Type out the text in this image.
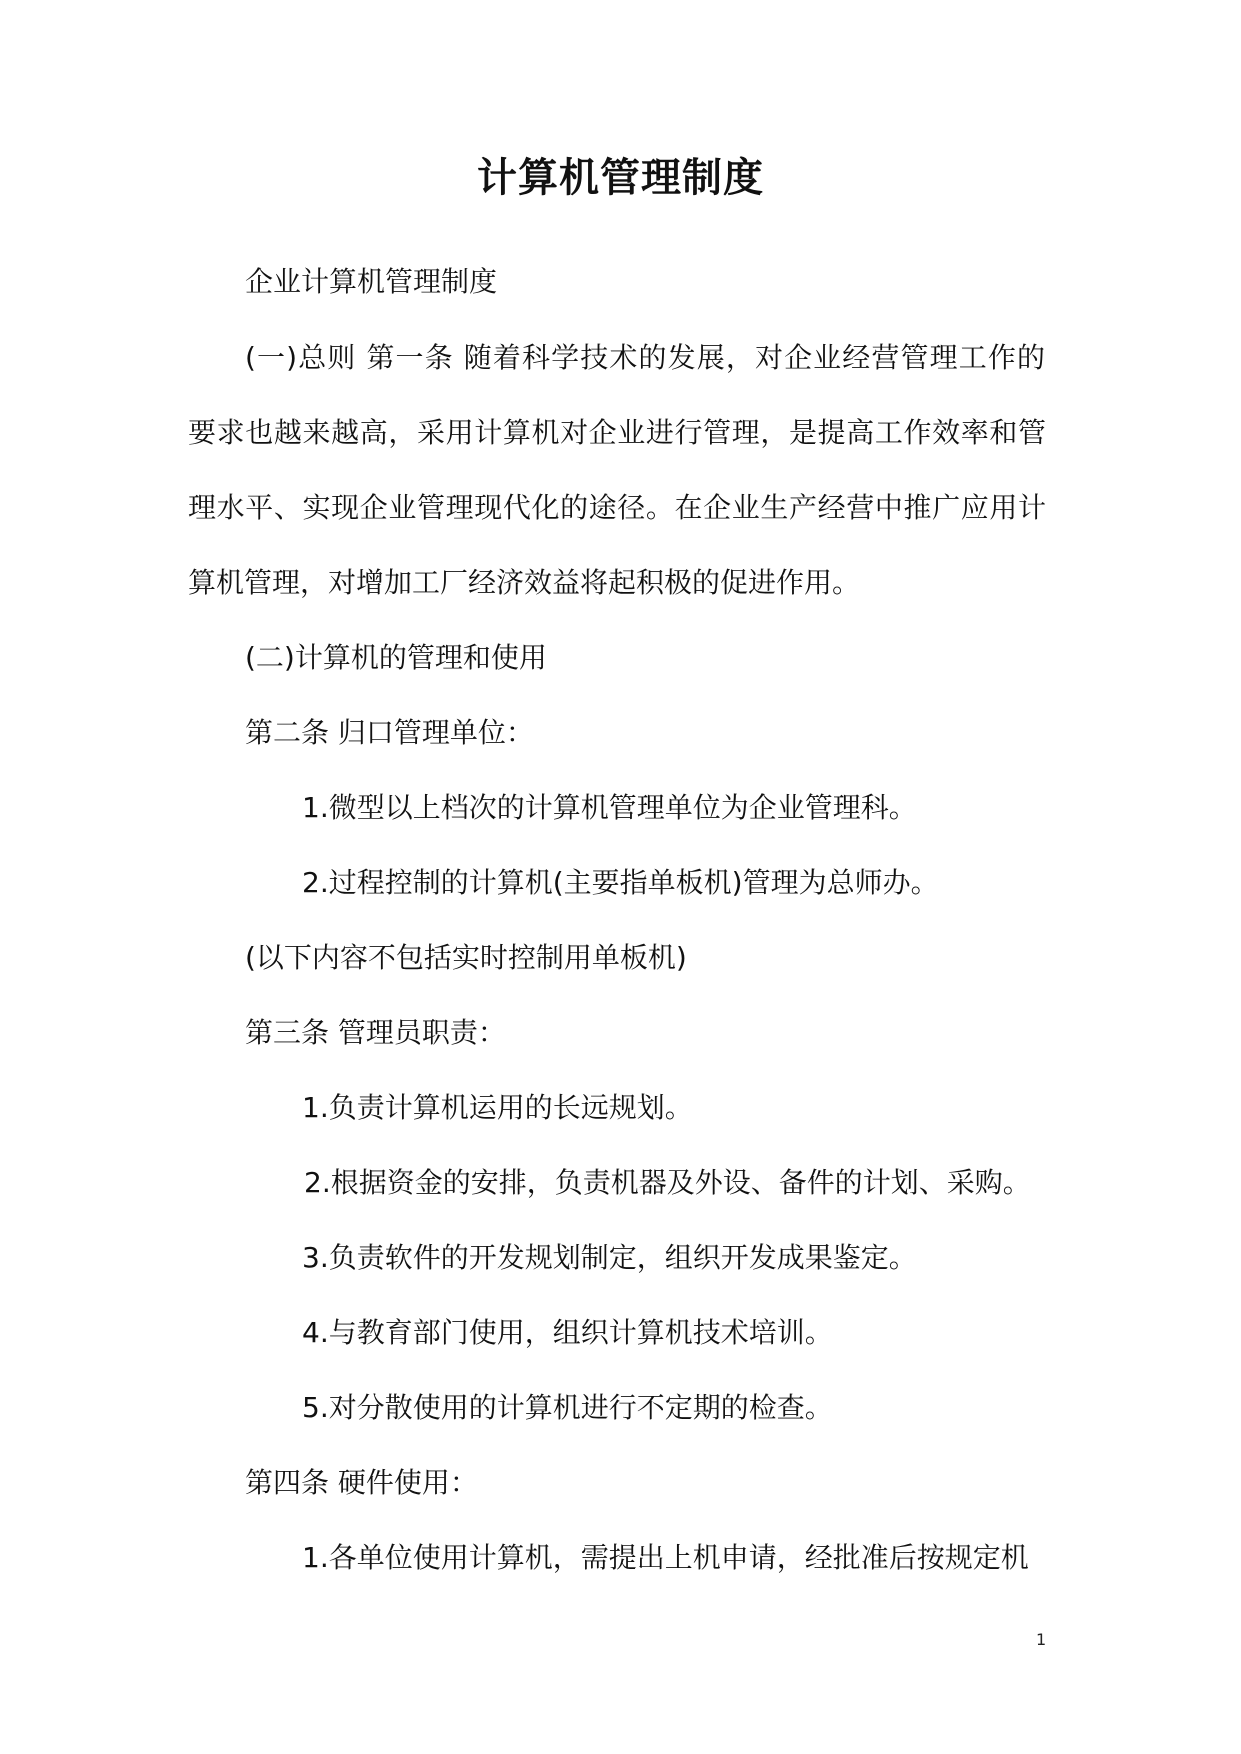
计算机管理制度
企业计算机管理制度
(一)总则 第一条 随着科学技术的发展，对企业经营管理工作的
要求也越来越高，采用计算机对企业进行管理，是提高工作效率和管
理水平、实现企业管理现代化的途径。在企业生产经营中推广应用计
算机管理，对增加工厂经济效益将起积极的促进作用。
(二)计算机的管理和使用
第二条 归口管理单位：
1.微型以上档次的计算机管理单位为企业管理科。
2.过程控制的计算机(主要指单板机)管理为总师办。
(以下内容不包括实时控制用单板机)
第三条 管理员职责：
1.负责计算机运用的长远规划。
2.根据资金的安排，负责机器及外设、备件的计划、采购。
3.负责软件的开发规划制定，组织开发成果鉴定。
4.与教育部门使用，组织计算机技术培训。
5.对分散使用的计算机进行不定期的检查。
第四条 硬件使用：
1.各单位使用计算机，需提出上机申请，经批准后按规定机
1
